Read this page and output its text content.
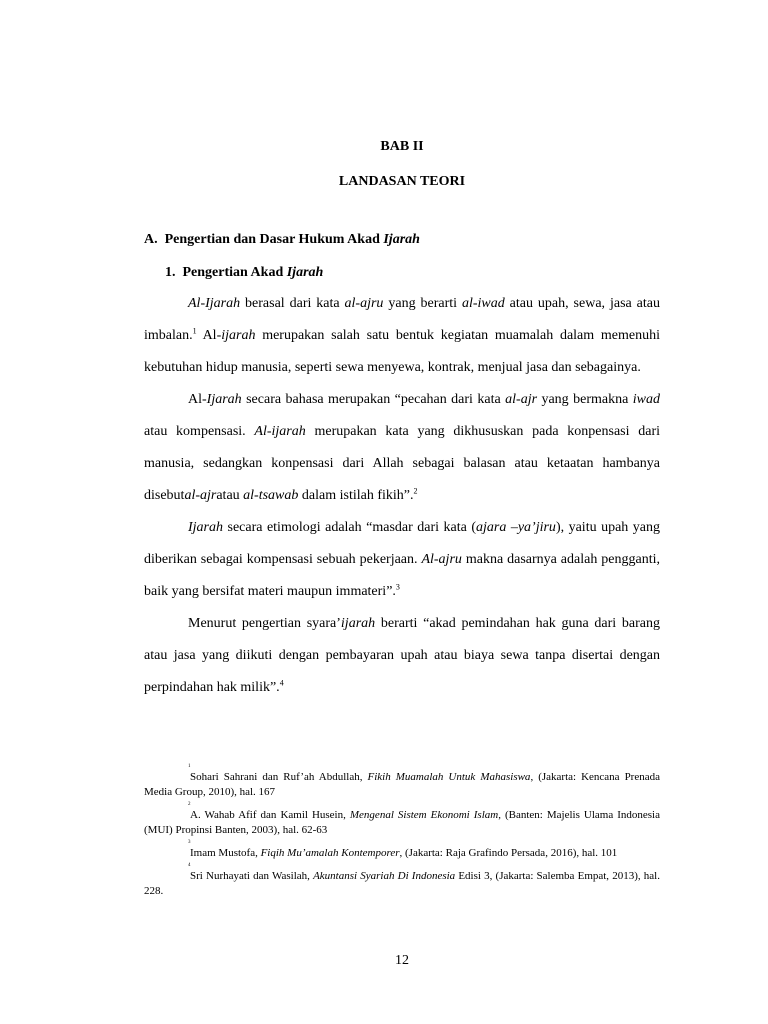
BAB II
LANDASAN TEORI
A. Pengertian dan Dasar Hukum Akad Ijarah
1. Pengertian Akad Ijarah

Al-Ijarah berasal dari kata al-ajru yang berarti al-iwad atau upah, sewa, jasa atau imbalan.$^1$ Al-ijarah merupakan salah satu bentuk kegiatan muamalah dalam memenuhi kebutuhan hidup manusia, seperti sewa menyewa, kontrak, menjual jasa dan sebagainya.

Al-Ijarah secara bahasa merupakan “pecahan dari kata al-ajr yang bermakna iwad atau kompensasi. Al-ijarah merupakan kata yang dikhususkan pada konpensasi dari manusia, sedangkan konpensasi dari Allah sebagai balasan atau ketaatan hambanya disebutal-ajratau al-tsawab dalam istilah fikih”.$^2$

Ijarah secara etimologi adalah “masdar dari kata (ajara –ya’jiru), yaitu upah yang diberikan sebagai kompensasi sebuah pekerjaan. Al-ajru makna dasarnya adalah pengganti, baik yang bersifat materi maupun immateri”.$^3$

Menurut pengertian syara’ijarah berarti “akad pemindahan hak guna dari barang atau jasa yang diikuti dengan pembayaran upah atau biaya sewa tanpa disertai dengan perpindahan hak milik”.$^4$

1
Sohari Sahrani dan Ruf’ah Abdullah, Fikih Muamalah Untuk Mahasiswa, (Jakarta: Kencana Prenada Media Group, 2010), hal. 167
2
A. Wahab Afif dan Kamil Husein, Mengenal Sistem Ekonomi Islam, (Banten: Majelis Ulama Indonesia (MUI) Propinsi Banten, 2003), hal. 62-63
3
Imam Mustofa, Fiqih Mu’amalah Kontemporer, (Jakarta: Raja Grafindo Persada, 2016), hal. 101
4
Sri Nurhayati dan Wasilah, Akuntansi Syariah Di Indonesia Edisi 3, (Jakarta: Salemba Empat, 2013), hal. 228.
12
